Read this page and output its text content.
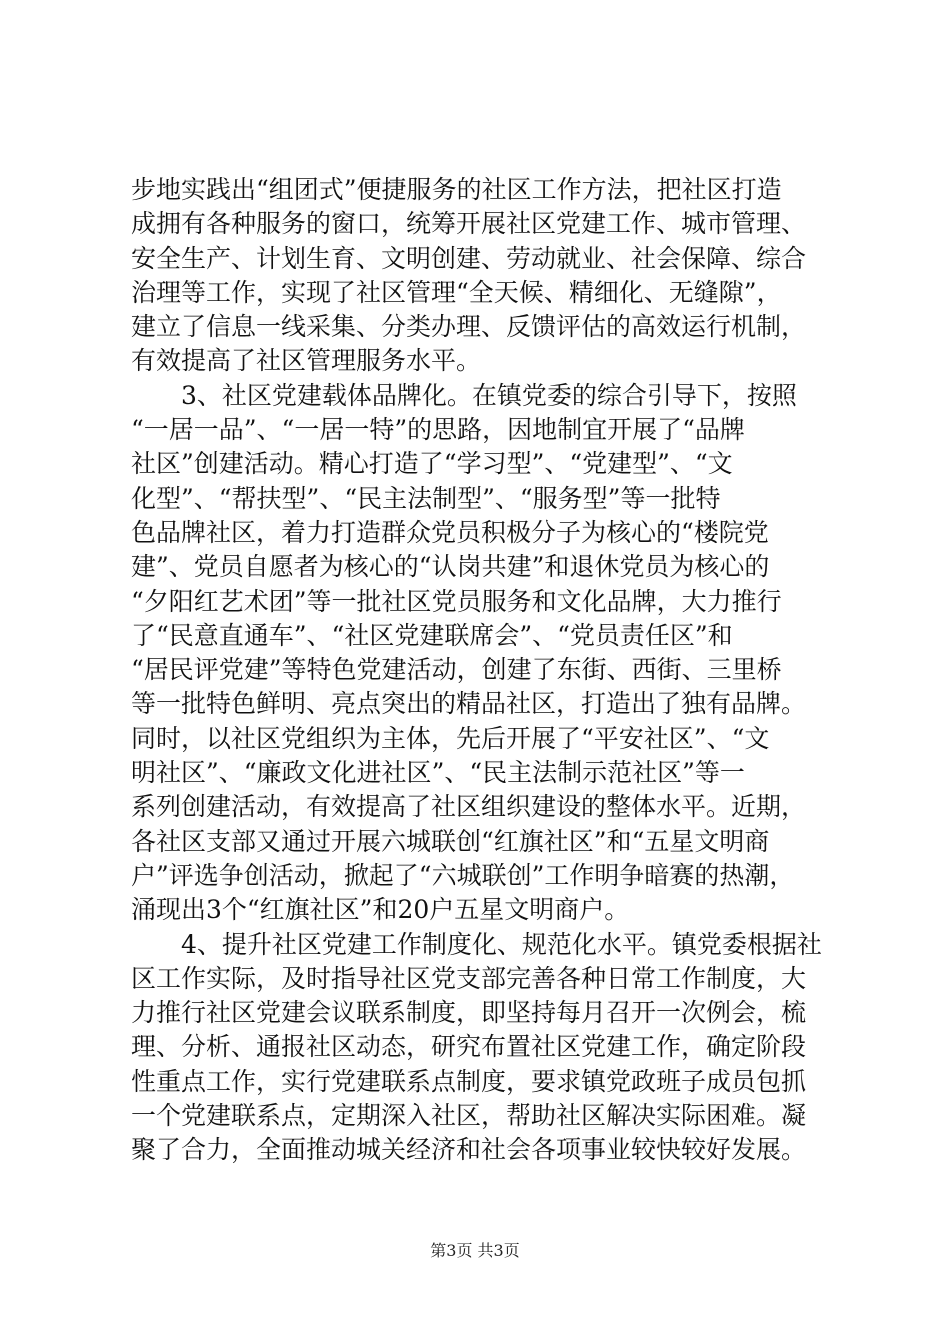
步地实践出“组团式”便捷服务的社区工作方法，把社区打造
成拥有各种服务的窗口，统筹开展社区党建工作、城市管理、
安全生产、计划生育、文明创建、劳动就业、社会保障、综合
治理等工作，实现了社区管理“全天候、精细化、无缝隙”，
建立了信息一线采集、分类办理、反馈评估的高效运行机制，
有效提高了社区管理服务水平。
　　3、社区党建载体品牌化。在镇党委的综合引导下，按照
“一居一品”、“一居一特”的思路，因地制宜开展了“品牌
社区”创建活动。精心打造了“学习型”、“党建型”、“文
化型”、“帮扶型”、“民主法制型”、“服务型”等一批特
色品牌社区，着力打造群众党员积极分子为核心的“楼院党
建”、党员自愿者为核心的“认岗共建”和退休党员为核心的
“夕阳红艺术团”等一批社区党员服务和文化品牌，大力推行
了“民意直通车”、“社区党建联席会”、“党员责任区”和
“居民评党建”等特色党建活动，创建了东街、西街、三里桥
等一批特色鲜明、亮点突出的精品社区，打造出了独有品牌。
同时，以社区党组织为主体，先后开展了“平安社区”、“文
明社区”、“廉政文化进社区”、“民主法制示范社区”等一
系列创建活动，有效提高了社区组织建设的整体水平。近期，
各社区支部又通过开展六城联创“红旗社区”和“五星文明商
户”评选争创活动，掀起了“六城联创”工作明争暗赛的热潮，
涌现出3个“红旗社区”和20户五星文明商户。
　　4、提升社区党建工作制度化、规范化水平。镇党委根据社
区工作实际，及时指导社区党支部完善各种日常工作制度，大
力推行社区党建会议联系制度，即坚持每月召开一次例会，梳
理、分析、通报社区动态，研究布置社区党建工作，确定阶段
性重点工作，实行党建联系点制度，要求镇党政班子成员包抓
一个党建联系点，定期深入社区，帮助社区解决实际困难。凝
聚了合力，全面推动城关经济和社会各项事业较快较好发展。
第3页 共3页
